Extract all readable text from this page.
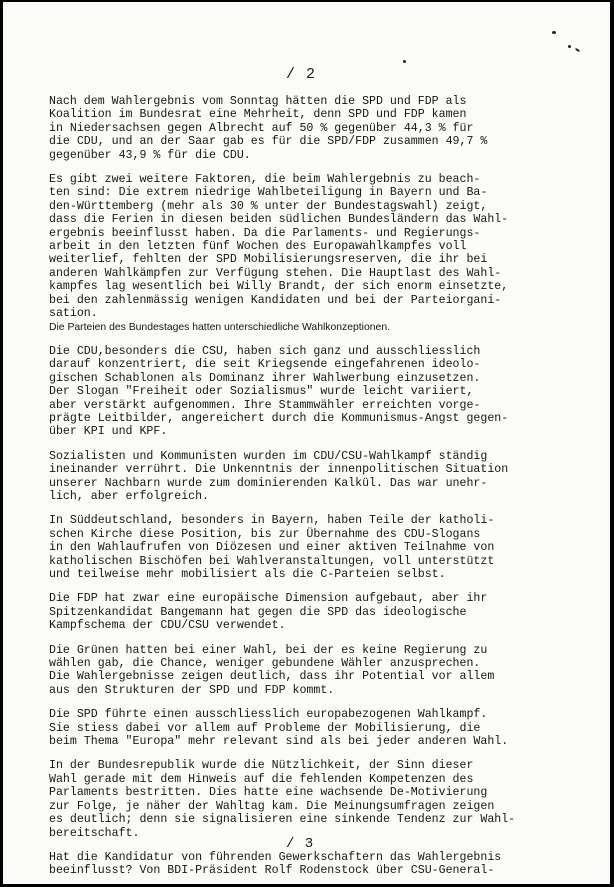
/ 2
Nach dem Wahlergebnis vom Sonntag hätten die SPD und FDP als
Koalition im Bundesrat eine Mehrheit, denn SPD und FDP kamen
in Niedersachsen gegen Albrecht auf 50 % gegenüber 44,3 % für
die CDU, und an der Saar gab es für die SPD/FDP zusammen 49,7 %
gegenüber 43,9 % für die CDU.
Es gibt zwei weitere Faktoren, die beim Wahlergebnis zu beach-
ten sind: Die extrem niedrige Wahlbeteiligung in Bayern und Ba-
den-Württemberg (mehr als 30 % unter der Bundestagswahl) zeigt,
dass die Ferien in diesen beiden südlichen Bundesländern das Wahl-
ergebnis beeinflusst haben. Da die Parlaments- und Regierungs-
arbeit in den letzten fünf Wochen des Europawahlkampfes voll
weiterlief, fehlten der SPD Mobilisierungsreserven, die ihr bei
anderen Wahlkämpfen zur Verfügung stehen. Die Hauptlast des Wahl-
kampfes lag wesentlich bei Willy Brandt, der sich enorm einsetzte,
bei den zahlenmässig wenigen Kandidaten und bei der Parteiorgani-
sation.
Die Parteien des Bundestages hatten unterschiedliche Wahlkonzeptionen.
Die CDU,besonders die CSU, haben sich ganz und ausschliesslich
darauf konzentriert, die seit Kriegsende eingefahrenen ideolo-
gischen Schablonen als Dominanz ihrer Wahlwerbung einzusetzen.
Der Slogan "Freiheit oder Sozialismus" wurde leicht variiert,
aber verstärkt aufgenommen. Ihre Stammwähler erreichten vorge-
prägte Leitbilder, angereichert durch die Kommunismus-Angst gegen-
über KPI und KPF.
Sozialisten und Kommunisten wurden im CDU/CSU-Wahlkampf ständig
ineinander verrührt. Die Unkenntnis der innenpolitischen Situation
unserer Nachbarn wurde zum dominierenden Kalkül. Das war unehr-
lich, aber erfolgreich.
In Süddeutschland, besonders in Bayern, haben Teile der katholi-
schen Kirche diese Position, bis zur Übernahme des CDU-Slogans
in den Wahlaufrufen von Diözesen und einer aktiven Teilnahme von
katholischen Bischöfen bei Wahlveranstaltungen, voll unterstützt
und teilweise mehr mobilisiert als die C-Parteien selbst.
Die FDP hat zwar eine europäische Dimension aufgebaut, aber ihr
Spitzenkandidat Bangemann hat gegen die SPD das ideologische
Kampfschema der CDU/CSU verwendet.
Die Grünen hatten bei einer Wahl, bei der es keine Regierung zu
wählen gab, die Chance, weniger gebundene Wähler anzusprechen.
Die Wahlergebnisse zeigen deutlich, dass ihr Potential vor allem
aus den Strukturen der SPD und FDP kommt.
Die SPD führte einen ausschliesslich europabezogenen Wahlkampf.
Sie stiess dabei vor allem auf Probleme der Mobilisierung, die
beim Thema "Europa" mehr relevant sind als bei jeder anderen Wahl.
In der Bundesrepublik wurde die Nützlichkeit, der Sinn dieser
Wahl gerade mit dem Hinweis auf die fehlenden Kompetenzen des
Parlaments bestritten. Dies hatte eine wachsende De-Motivierung
zur Folge, je näher der Wahltag kam. Die Meinungsumfragen zeigen
es deutlich; denn sie signalisieren eine sinkende Tendenz zur Wahl-
bereitschaft.
Hat die Kandidatur von führenden Gewerkschaftern das Wahlergebnis
beeinflusst? Von BDI-Präsident Rolf Rodenstock über CSU-General-
/ 3
